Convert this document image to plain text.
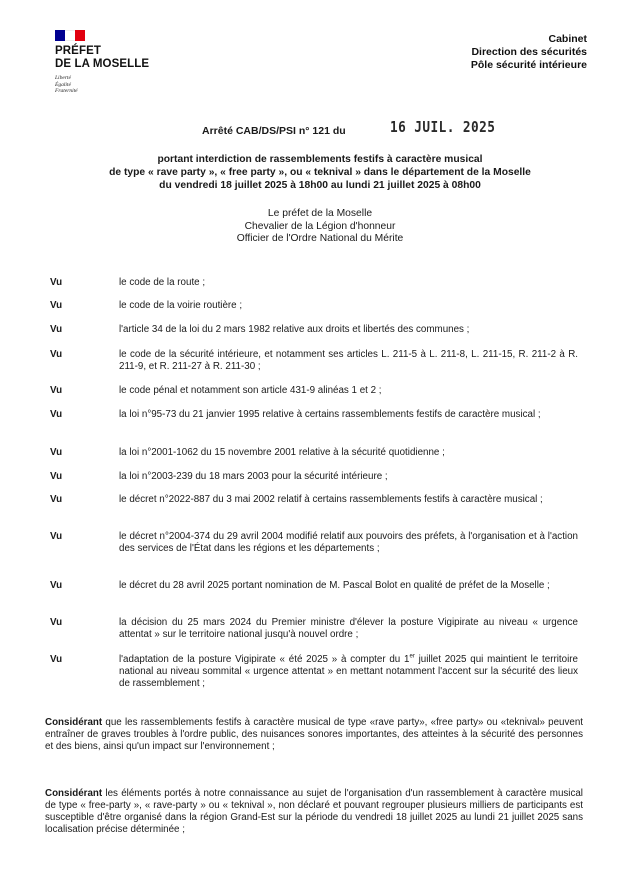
PRÉFET
DE LA MOSELLE
Liberté
Égalité
Fraternité
Cabinet
Direction des sécurités
Pôle sécurité intérieure
Arrêté CAB/DS/PSI n° 121 du	16 JUIL. 2025
portant interdiction de rassemblements festifs à caractère musical
de type « rave party », « free party », ou « teknival » dans le département de la Moselle
du vendredi 18 juillet 2025 à 18h00 au lundi 21 juillet 2025 à 08h00
Le préfet de la Moselle
Chevalier de la Légion d'honneur
Officier de l'Ordre National du Mérite
Vu	le code de la route ;
Vu	le code de la voirie routière ;
Vu	l'article 34 de la loi du 2 mars 1982 relative aux droits et libertés des communes ;
Vu	le code de la sécurité intérieure, et notamment ses articles L. 211-5 à L. 211-8, L. 211-15, R. 211-2 à R. 211-9, et R. 211-27 à R. 211-30 ;
Vu	le code pénal et notamment son article 431-9 alinéas 1 et 2 ;
Vu	la loi n°95-73 du 21 janvier 1995 relative à certains rassemblements festifs de caractère musical ;
Vu	la loi n°2001-1062 du 15 novembre 2001 relative à la sécurité quotidienne ;
Vu	la loi n°2003-239 du 18 mars 2003 pour la sécurité intérieure ;
Vu	le décret n°2022-887 du 3 mai 2002 relatif à certains rassemblements festifs à caractère musical ;
Vu	le décret n°2004-374 du 29 avril 2004 modifié relatif aux pouvoirs des préfets, à l'organisation et à l'action des services de l'État dans les régions et les départements ;
Vu	le décret du 28 avril 2025 portant nomination de M. Pascal Bolot en qualité de préfet de la Moselle ;
Vu	la décision du 25 mars 2024 du Premier ministre d'élever la posture Vigipirate au niveau « urgence attentat » sur le territoire national jusqu'à nouvel ordre ;
Vu	l'adaptation de la posture Vigipirate « été 2025 » à compter du 1er juillet 2025 qui maintient le territoire national au niveau sommital « urgence attentat » en mettant notamment l'accent sur la sécurité des lieux de rassemblement ;
Considérant que les rassemblements festifs à caractère musical de type «rave party», «free party» ou «teknival» peuvent entraîner de graves troubles à l'ordre public, des nuisances sonores importantes, des atteintes à la sécurité des personnes et des biens, ainsi qu'un impact sur l'environnement ;
Considérant les éléments portés à notre connaissance au sujet de l'organisation d'un rassemblement à caractère musical de type « free-party », « rave-party » ou « teknival », non déclaré et pouvant regrouper plusieurs milliers de participants est susceptible d'être organisé dans la région Grand-Est sur la période du vendredi 18 juillet 2025 au lundi 21 juillet 2025 sans localisation précise déterminée ;
